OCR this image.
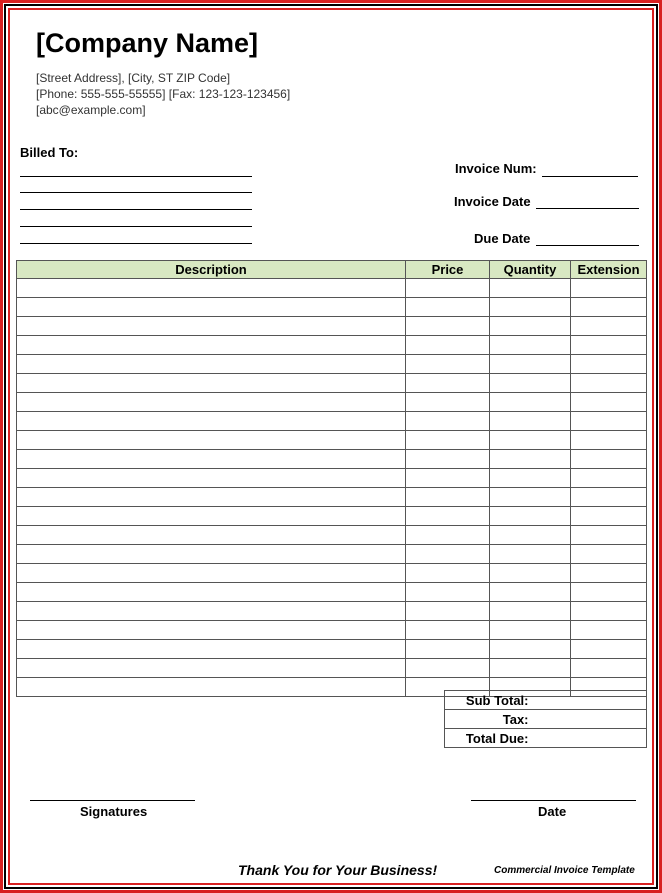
[Company Name]
[Street Address], [City, ST ZIP Code]
[Phone: 555-555-55555] [Fax: 123-123-123456]
[abc@example.com]
Billed To:
Invoice Num:
Invoice Date
Due Date
Description	Price	Quantity	Extension

Sub Total:	
Tax:	
Total Due:	
Signatures	Date
Thank You for Your Business!	Commercial Invoice Template
